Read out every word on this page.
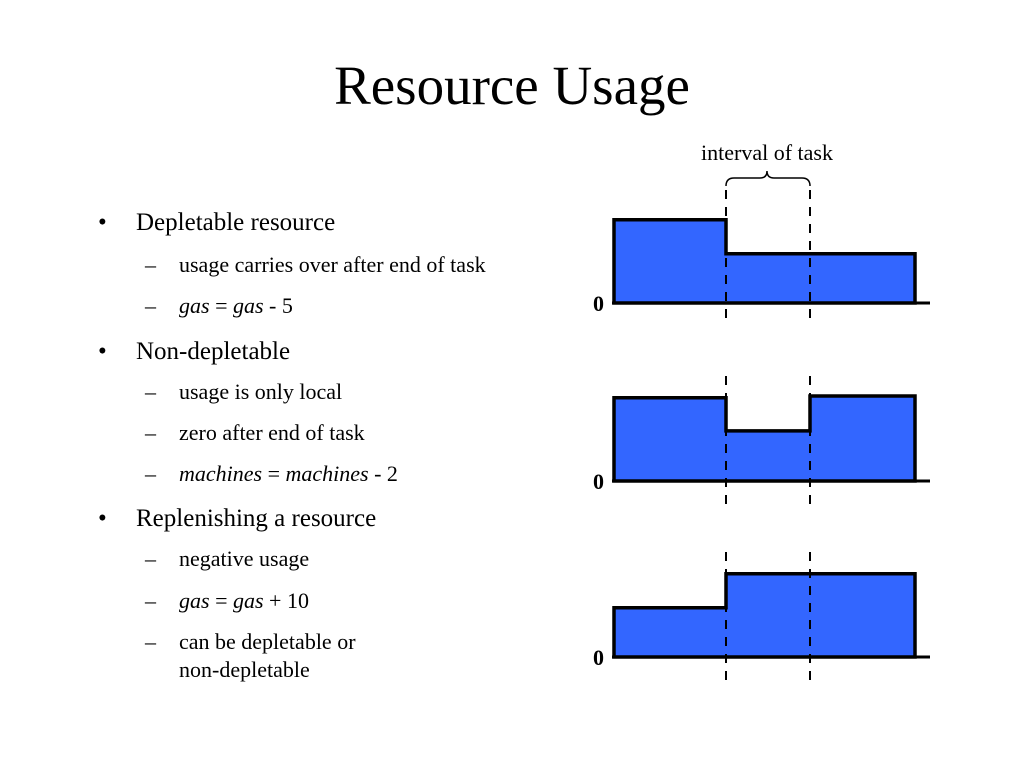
Resource Usage
• Depletable resource
– usage carries over after end of task
– gas = gas - 5
• Non-depletable
– usage is only local
– zero after end of task
– machines = machines - 2
• Replenishing a resource
– negative usage
– gas = gas + 10
– can be depletable or
non-depletable
interval of task
0
0
0
